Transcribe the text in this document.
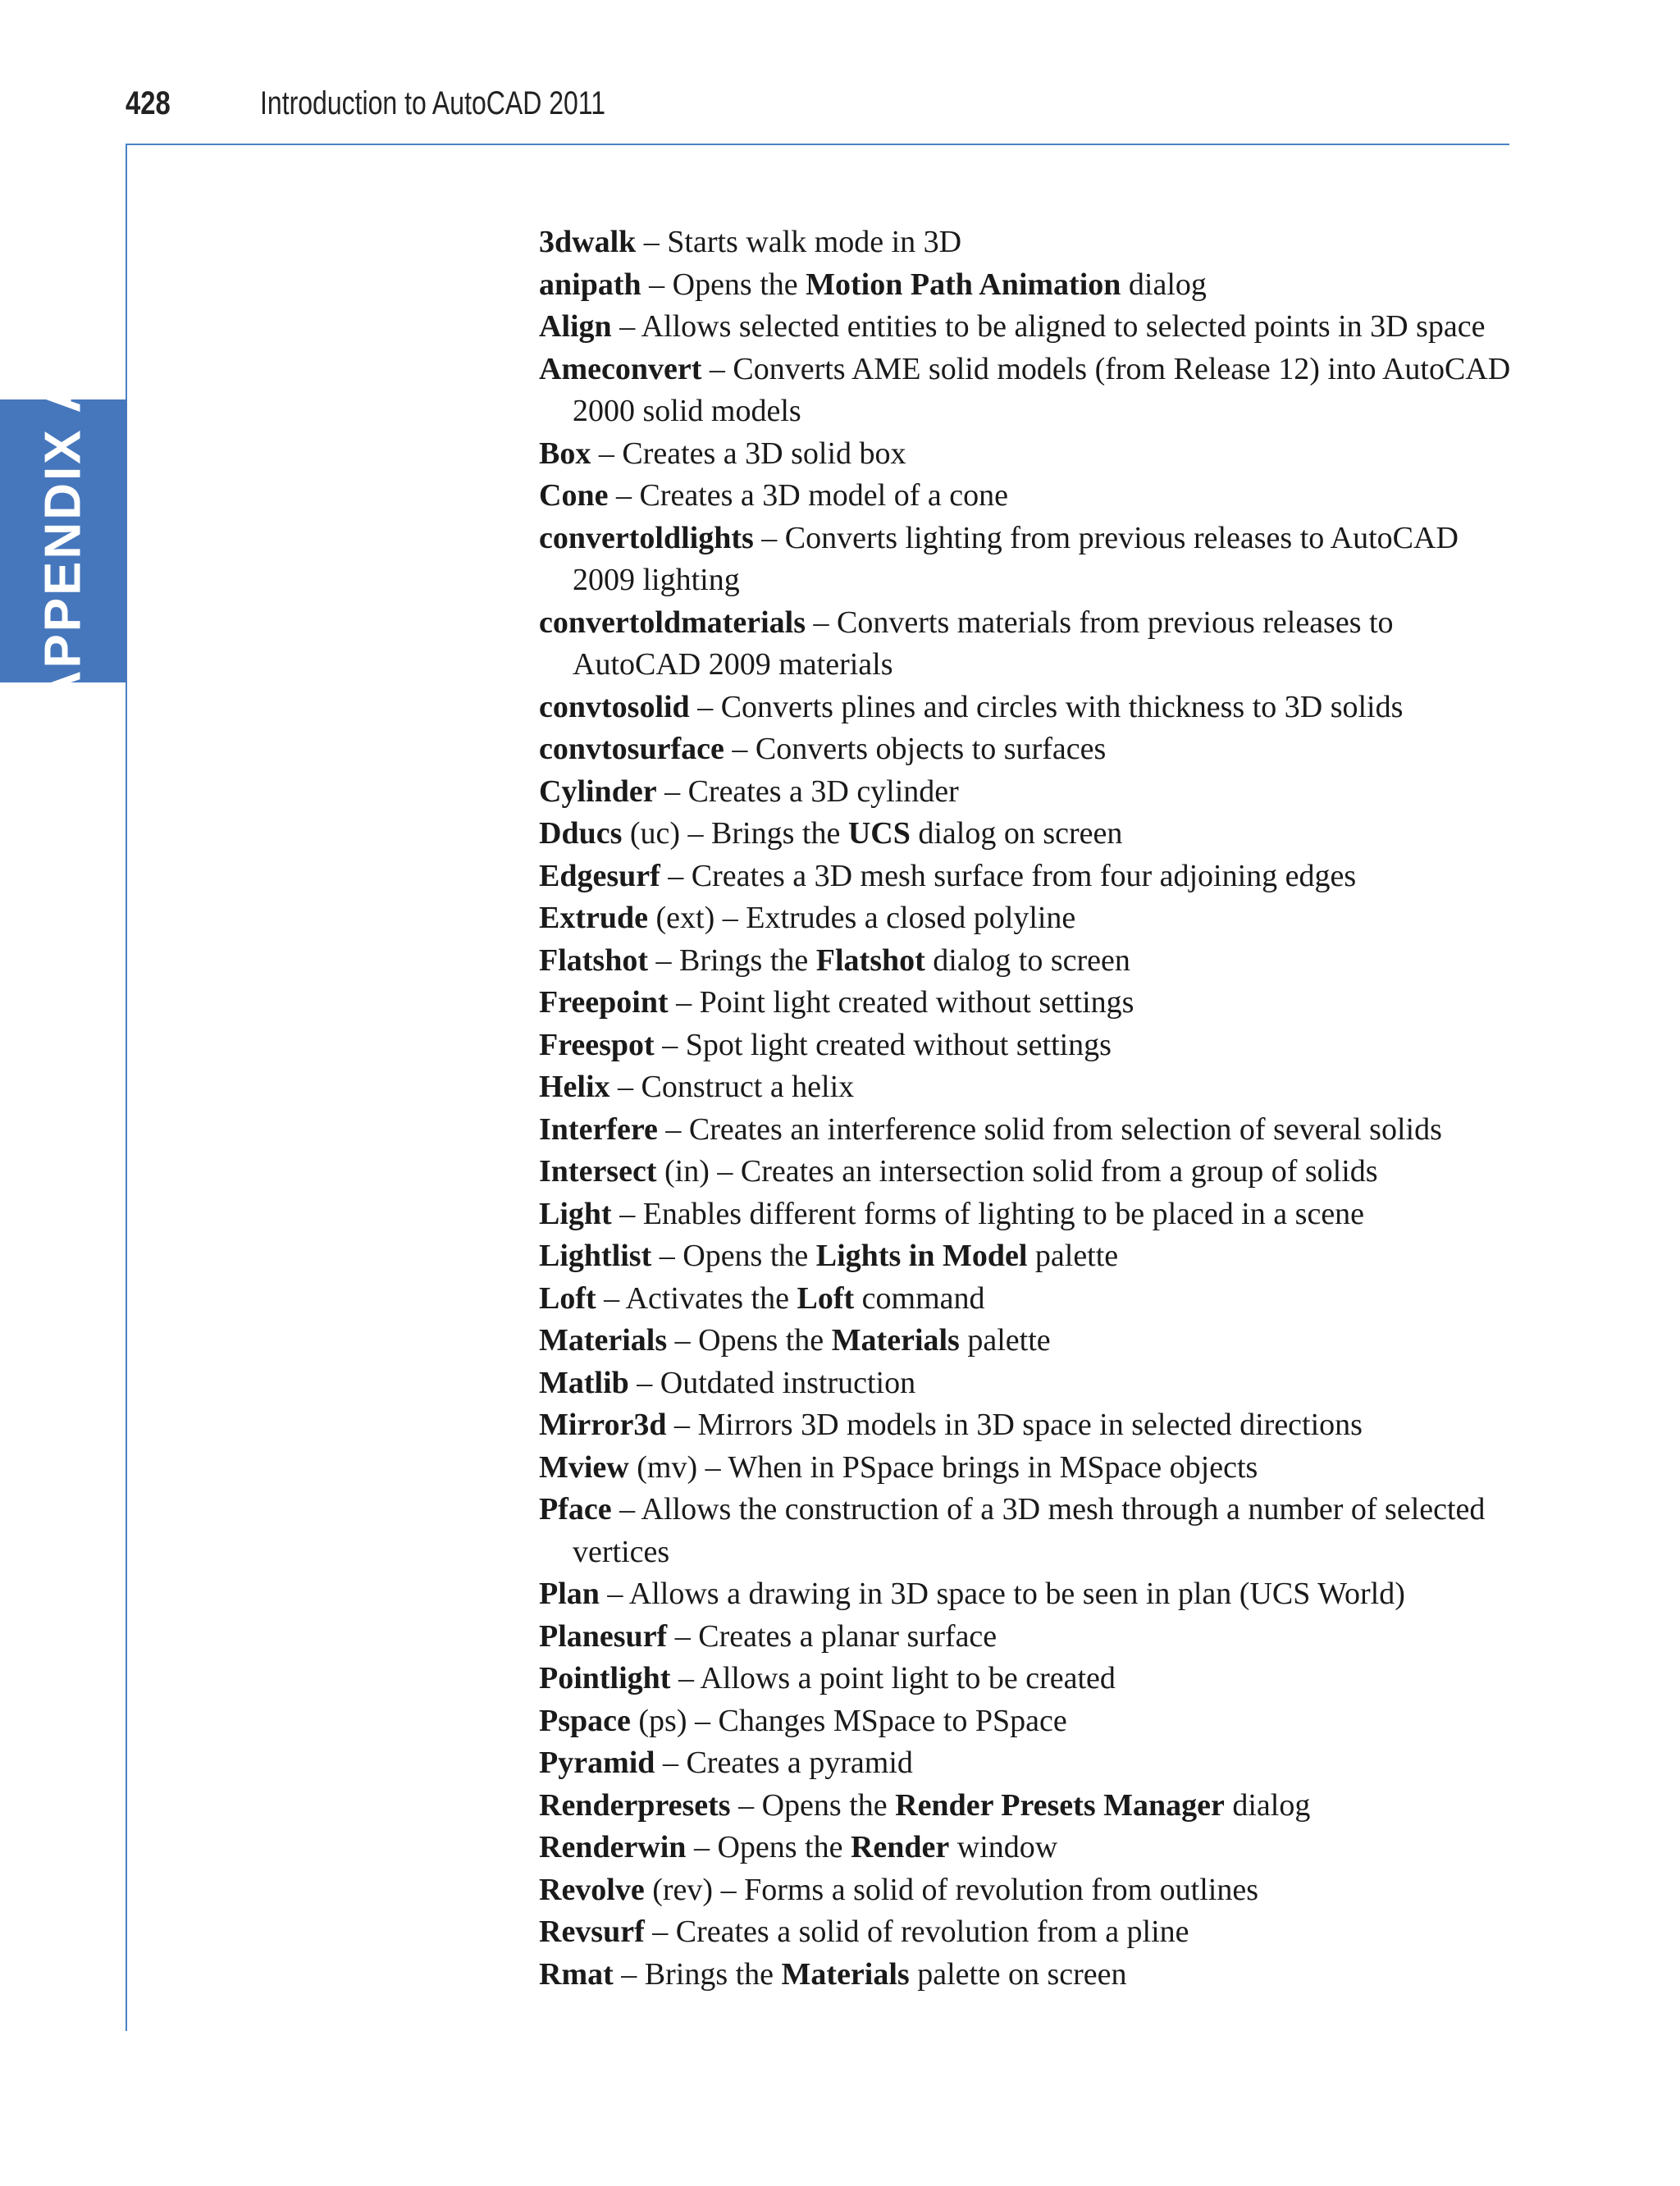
428	Introduction to AutoCAD 2011
APPENDIX A
3dwalk – Starts walk mode in 3D
anipath – Opens the Motion Path Animation dialog
Align – Allows selected entities to be aligned to selected points in 3D space
Ameconvert – Converts AME solid models (from Release 12) into AutoCAD 2000 solid models
Box – Creates a 3D solid box
Cone – Creates a 3D model of a cone
convertoldlights – Converts lighting from previous releases to AutoCAD 2009 lighting
convertoldmaterials – Converts materials from previous releases to AutoCAD 2009 materials
convtosolid – Converts plines and circles with thickness to 3D solids
convtosurface – Converts objects to surfaces
Cylinder – Creates a 3D cylinder
Dducs (uc) – Brings the UCS dialog on screen
Edgesurf – Creates a 3D mesh surface from four adjoining edges
Extrude (ext) – Extrudes a closed polyline
Flatshot – Brings the Flatshot dialog to screen
Freepoint – Point light created without settings
Freespot – Spot light created without settings
Helix – Construct a helix
Interfere – Creates an interference solid from selection of several solids
Intersect (in) – Creates an intersection solid from a group of solids
Light – Enables different forms of lighting to be placed in a scene
Lightlist – Opens the Lights in Model palette
Loft – Activates the Loft command
Materials – Opens the Materials palette
Matlib – Outdated instruction
Mirror3d – Mirrors 3D models in 3D space in selected directions
Mview (mv) – When in PSpace brings in MSpace objects
Pface – Allows the construction of a 3D mesh through a number of selected vertices
Plan – Allows a drawing in 3D space to be seen in plan (UCS World)
Planesurf – Creates a planar surface
Pointlight – Allows a point light to be created
Pspace (ps) – Changes MSpace to PSpace
Pyramid – Creates a pyramid
Renderpresets – Opens the Render Presets Manager dialog
Renderwin – Opens the Render window
Revolve (rev) – Forms a solid of revolution from outlines
Revsurf – Creates a solid of revolution from a pline
Rmat – Brings the Materials palette on screen
